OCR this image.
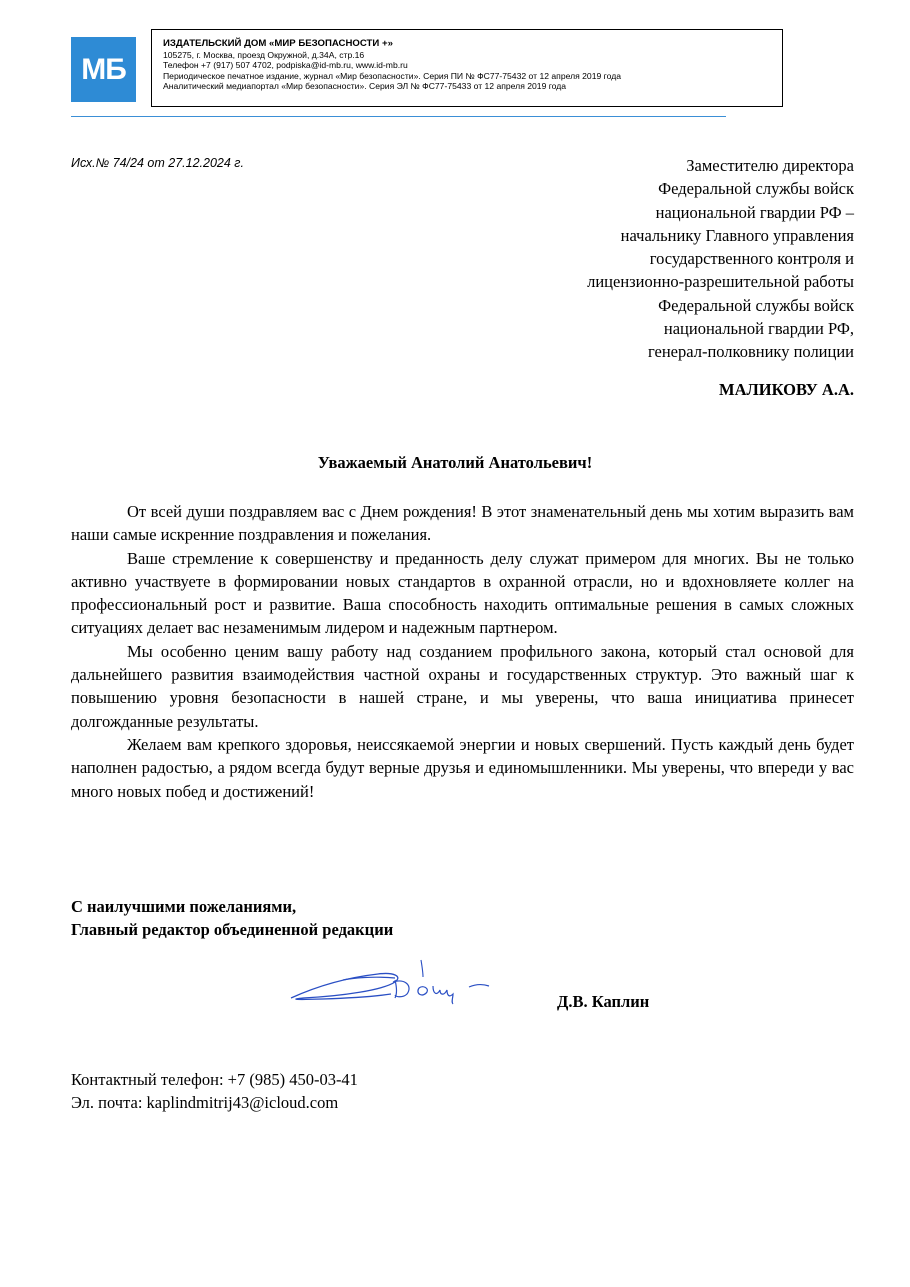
МБ
ИЗДАТЕЛЬСКИЙ ДОМ «МИР БЕЗОПАСНОСТИ +»
105275, г. Москва, проезд Окружной, д.34А, стр.16
Телефон +7 (917) 507 4702, podpiska@id-mb.ru, www.id-mb.ru
Периодическое печатное издание, журнал «Мир безопасности». Серия ПИ № ФС77-75432 от 12 апреля 2019 года
Аналитический медиапортал «Мир безопасности». Серия ЭЛ № ФС77-75433 от 12 апреля 2019 года
Исх.№ 74/24 от 27.12.2024 г.	Заместителю директора
Федеральной службы войск
национальной гвардии РФ –
начальнику Главного управления
государственного контроля и
лицензионно-разрешительной работы
Федеральной службы войск
национальной гвардии РФ,
генерал-полковнику полиции
МАЛИКОВУ А.А.
Уважаемый Анатолий Анатольевич!

От всей души поздравляем вас с Днем рождения! В этот знаменательный день мы хотим выразить вам наши самые искренние поздравления и пожелания.

Ваше стремление к совершенству и преданность делу служат примером для многих. Вы не только активно участвуете в формировании новых стандартов в охранной отрасли, но и вдохновляете коллег на профессиональный рост и развитие. Ваша способность находить оптимальные решения в самых сложных ситуациях делает вас незаменимым лидером и надежным партнером.

Мы особенно ценим вашу работу над созданием профильного закона, который стал основой для дальнейшего развития взаимодействия частной охраны и государственных структур. Это важный шаг к повышению уровня безопасности в нашей стране, и мы уверены, что ваша инициатива принесет долгожданные результаты.

Желаем вам крепкого здоровья, неиссякаемой энергии и новых свершений. Пусть каждый день будет наполнен радостью, а рядом всегда будут верные друзья и единомышленники. Мы уверены, что впереди у вас много новых побед и достижений!

С наилучшими пожеланиями,
Главный редактор объединенной редакции
Д.В. Каплин
Контактный телефон: +7 (985) 450-03-41
Эл. почта: kaplindmitrij43@icloud.com
